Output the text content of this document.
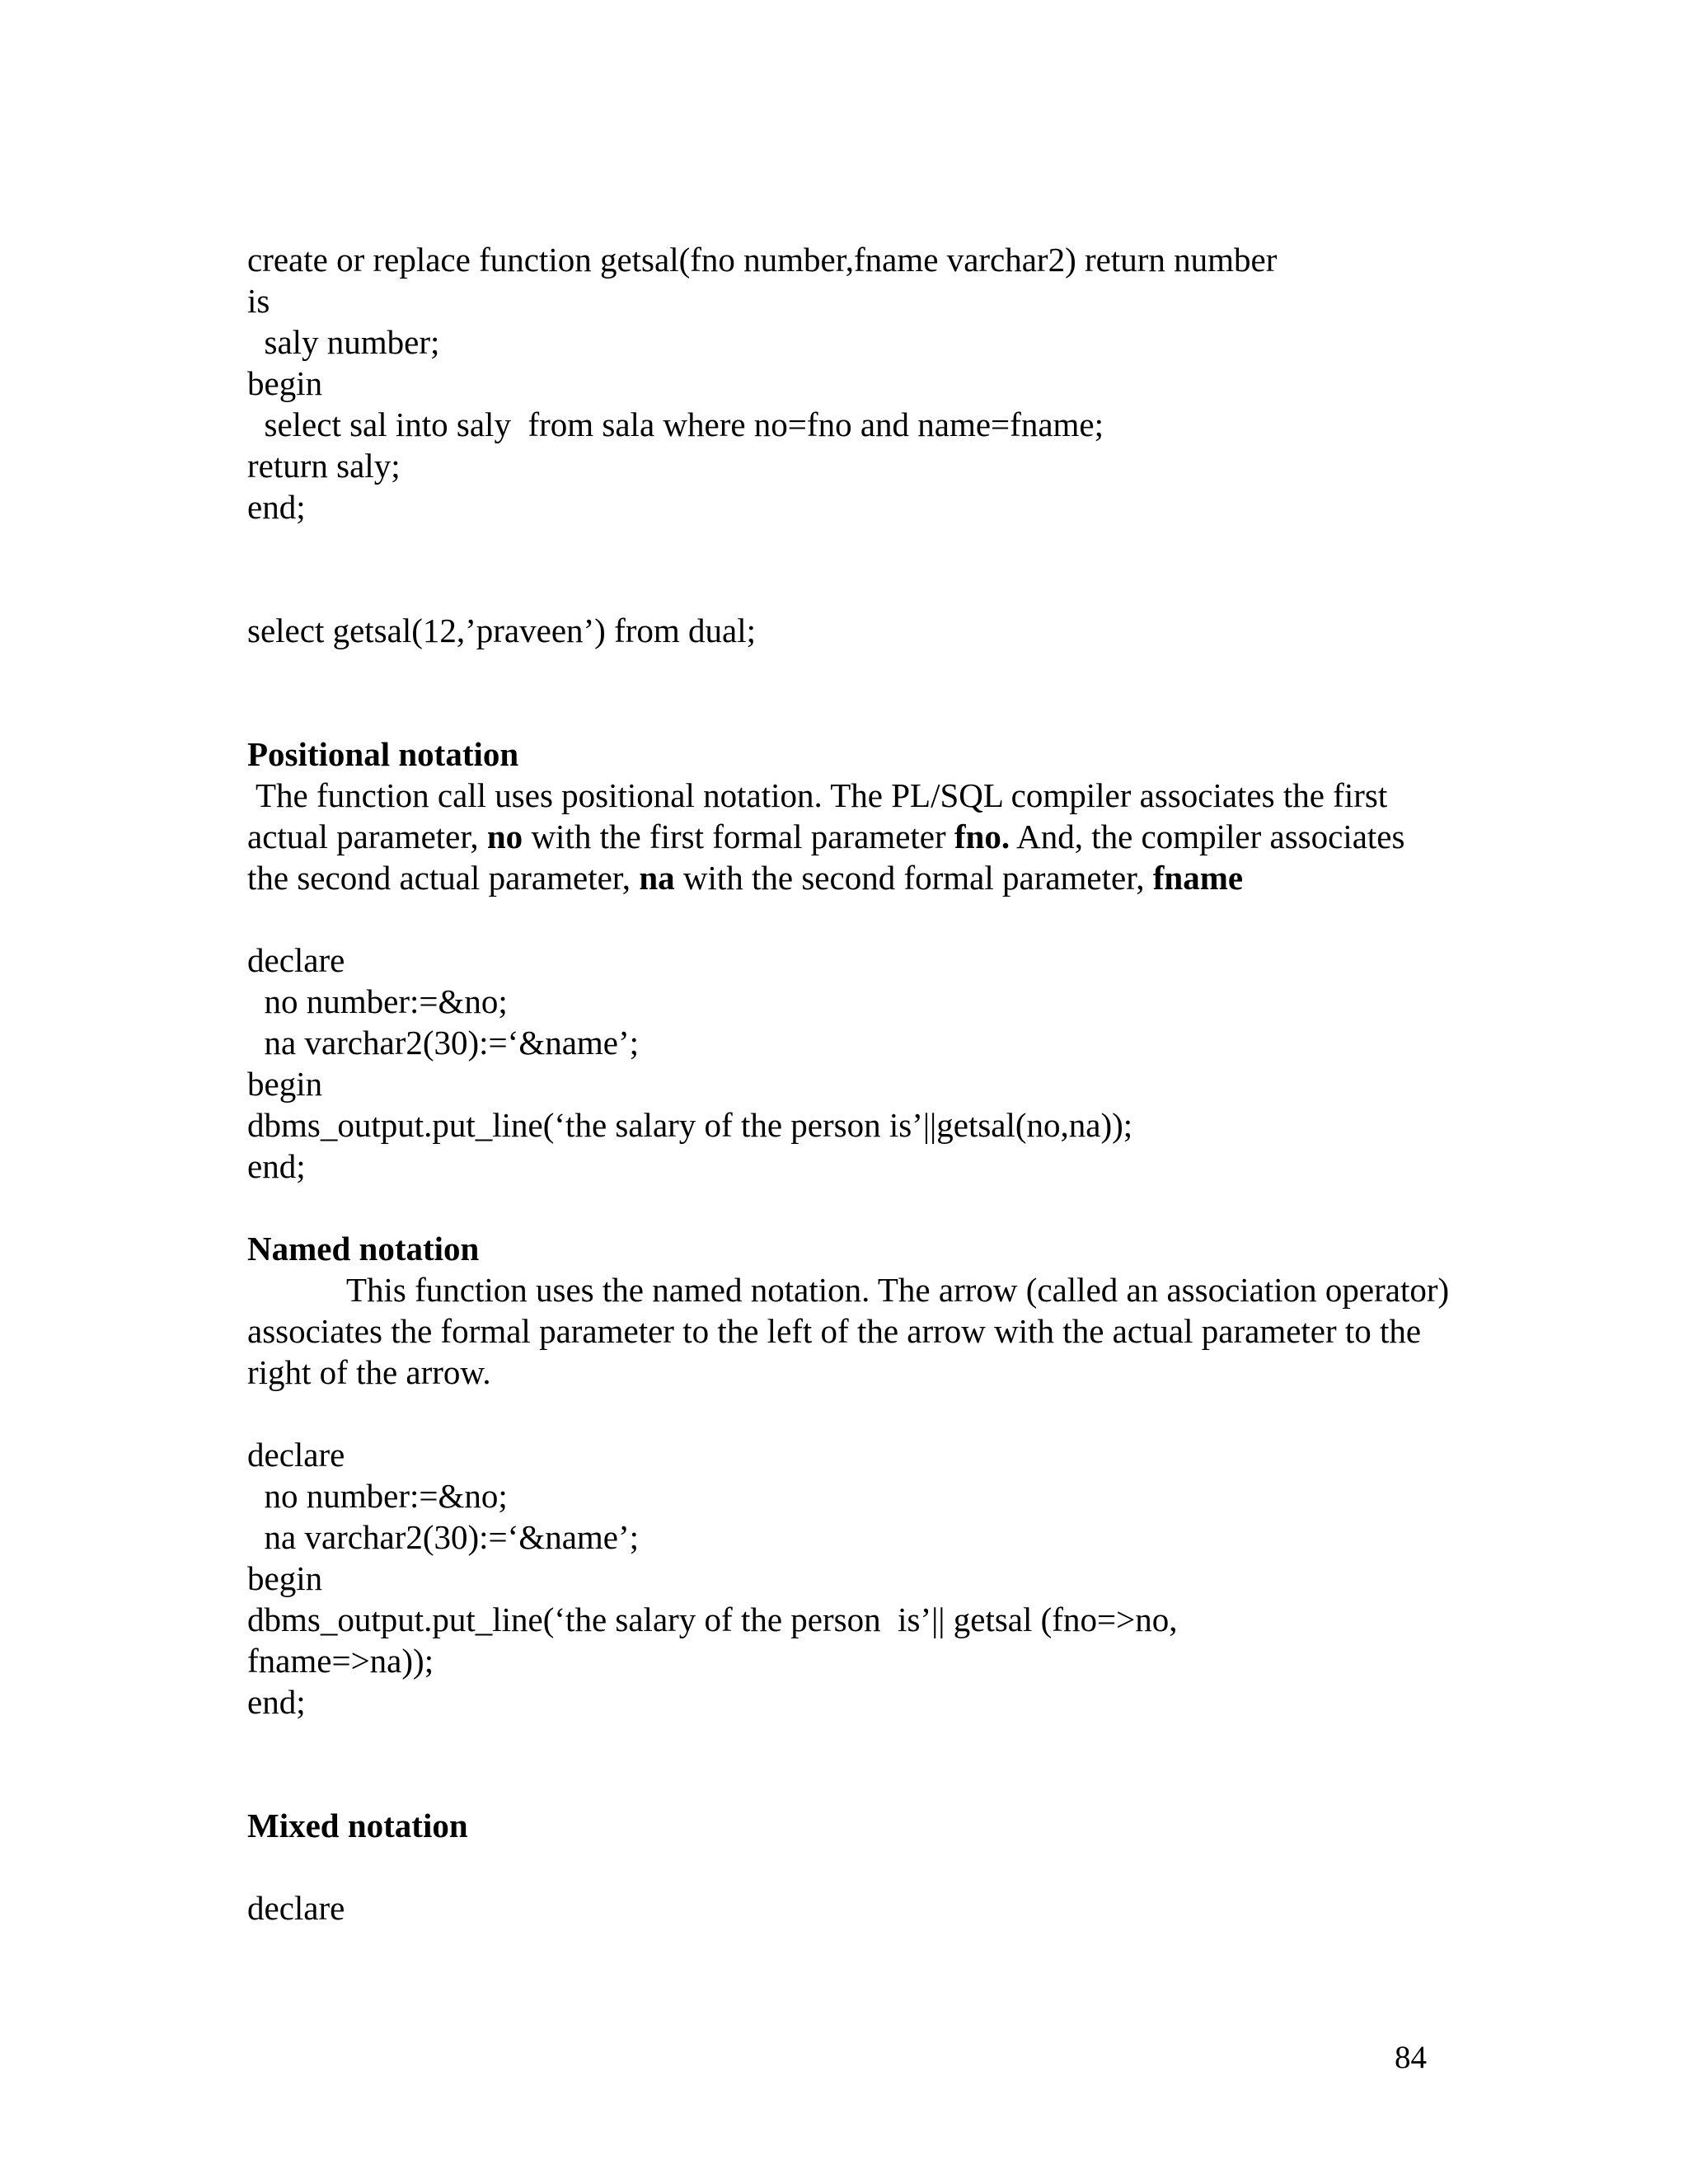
create or replace function getsal(fno number,fname varchar2) return number
is
saly number;
begin
select sal into saly  from sala where no=fno and name=fname;
return saly;
end;
select getsal(12,’praveen’) from dual;
Positional notation
The function call uses positional notation. The PL/SQL compiler associates the first actual parameter, no with the first formal parameter fno. And, the compiler associates the second actual parameter, na with the second formal parameter, fname
declare
no number:=&no;
na varchar2(30):=‘&name’;
begin
dbms_output.put_line(‘the salary of the person is’||getsal(no,na));
end;
Named notation
This function uses the named notation. The arrow (called an association operator) associates the formal parameter to the left of the arrow with the actual parameter to the right of the arrow.
declare
no number:=&no;
na varchar2(30):=‘&name’;
begin
dbms_output.put_line(‘the salary of the person  is’|| getsal (fno=>no,
fname=>na));
end;
Mixed notation
declare
84
